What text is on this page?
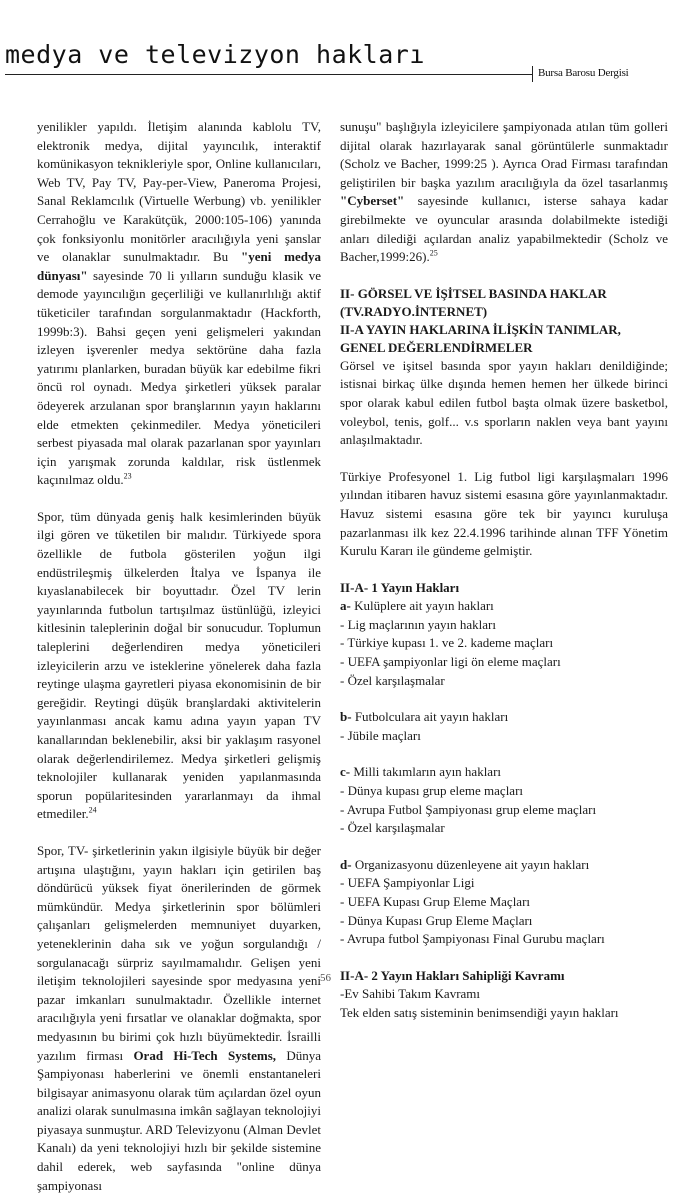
medya ve televizyon hakları
Bursa Barosu Dergisi

yenilikler yapıldı. İletişim alanında kablolu TV, elektronik medya, dijital yayıncılık, interaktif komünikasyon teknikleriyle spor, Online kullanıcıları, Web TV, Pay TV, Pay-per-View, Paneroma Projesi, Sanal Reklamcılık (Virtuelle Werbung) vb. yenilikler Cerrahoğlu ve Karakütçük, 2000:105-106) yanında çok fonksiyonlu monitörler aracılığıyla yeni şanslar ve olanaklar sunulmaktadır. Bu "yeni medya dünyası" sayesinde 70 li yılların sunduğu klasik ve demode yayıncılığın geçerliliği ve kullanırlılığı aktif tüketiciler tarafından sorgulanmaktadır (Hackforth, 1999b:3). Bahsi geçen yeni gelişmeleri yakından izleyen işverenler medya sektörüne daha fazla yatırımı planlarken, buradan büyük kar edebilme fikri öncü rol oynadı. Medya şirketleri yüksek paralar ödeyerek arzulanan spor branşlarının yayın haklarını elde etmekten çekinmediler. Medya yöneticileri serbest piyasada mal olarak pazarlanan spor yayınları için yarışmak zorunda kaldılar, risk üstlenmek kaçınılmaz oldu.$^{23}$

Spor, tüm dünyada geniş halk kesimlerinden büyük ilgi gören ve tüketilen bir malıdır. Türkiyede spora özellikle de futbola gösterilen yoğun ilgi endüstrileşmiş ülkelerden İtalya ve İspanya ile kıyaslanabilecek bir boyuttadır. Özel TV lerin yayınlarında futbolun tartışılmaz üstünlüğü, izleyici kitlesinin taleplerinin doğal bir sonucudur. Toplumun taleplerini değerlendiren medya yöneticileri izleyicilerin arzu ve isteklerine yönelerek daha fazla reytinge ulaşma gayretleri piyasa ekonomisinin de bir gereğidir. Reytingi düşük branşlardaki aktivitelerin yayınlanması ancak kamu adına yayın yapan TV kanallarından beklenebilir, aksi bir yaklaşım rasyonel olarak değerlendirilemez. Medya şirketleri gelişmiş teknolojiler kullanarak yeniden yapılanmasında sporun popülaritesinden yararlanmayı da ihmal etmediler.$^{24}$

Spor, TV- şirketlerinin yakın ilgisiyle büyük bir değer artışına ulaştığını, yayın hakları için getirilen baş döndürücü yüksek fiyat önerilerinden de görmek mümkündür. Medya şirketlerinin spor bölümleri çalışanları gelişmelerden memnuniyet duyarken, yeteneklerinin daha sık ve yoğun sorgulandığı / sorgulanacağı sürpriz sayılmamalıdır. Gelişen yeni iletişim teknolojileri sayesinde spor medyasına yeni pazar imkanları sunulmaktadır. Özellikle internet aracılığıyla yeni fırsatlar ve olanaklar doğmakta, spor medyasının bu birimi çok hızlı büyümektedir. İsrailli yazılım firması Orad Hi-Tech Systems, Dünya Şampiyonası haberlerini ve önemli enstantaneleri bilgisayar animasyonu olarak tüm açılardan özel oyun analizi olarak sunulmasına imkân sağlayan teknolojiyi piyasaya sunmuştur. ARD Televizyonu (Alman Devlet Kanalı) da yeni teknolojiyi hızlı bir şekilde sistemine dahil ederek, web sayfasında "online dünya şampiyonası

sunuşu" başlığıyla izleyicilere şampiyonada atılan tüm golleri dijital olarak hazırlayarak sanal görüntülerle sunmaktadır (Scholz ve Bacher, 1999:25 ). Ayrıca Orad Firması tarafından geliştirilen bir başka yazılım aracılığıyla da özel tasarlanmış "Cyberset" sayesinde kullanıcı, isterse sahaya kadar girebilmekte ve oyuncular arasında dolabilmekte istediği anları dilediği açılardan analiz yapabilmektedir (Scholz ve Bacher,1999:26).$^{25}$

II- GÖRSEL VE İŞİTSEL BASINDA HAKLAR
(TV.RADYO.İNTERNET)
II-A YAYIN HAKLARINA İLİŞKİN TANIMLAR,
GENEL DEĞERLENDİRMELER

Görsel ve işitsel basında spor yayın hakları denildiğinde; istisnai birkaç ülke dışında hemen hemen her ülkede birinci spor olarak kabul edilen futbol başta olmak üzere basketbol, voleybol, tenis, golf... v.s sporların naklen veya bant yayını anlaşılmaktadır.

Türkiye Profesyonel 1. Lig futbol ligi karşılaşmaları 1996 yılından itibaren havuz sistemi esasına göre yayınlanmaktadır. Havuz sistemi esasına göre tek bir yayıncı kuruluşa pazarlanması ilk kez 22.4.1996 tarihinde alınan TFF Yönetim Kurulu Kararı ile gündeme gelmiştir.

II-A- 1 Yayın Hakları
a- Kulüplere ait yayın hakları
- Lig maçlarının yayın hakları
- Türkiye kupası 1. ve 2. kademe maçları
- UEFA şampiyonlar ligi ön eleme maçları
- Özel karşılaşmalar
b- Futbolculara ait yayın hakları
- Jübile maçları
c- Milli takımların ayın hakları
- Dünya kupası grup eleme maçları
- Avrupa Futbol Şampiyonası grup eleme maçları
- Özel karşılaşmalar
d- Organizasyonu düzenleyene ait yayın hakları
- UEFA Şampiyonlar Ligi
- UEFA Kupası Grup Eleme Maçları
- Dünya Kupası Grup Eleme Maçları
- Avrupa futbol Şampiyonası Final Gurubu maçları
II-A- 2 Yayın Hakları Sahipliği Kavramı
-Ev Sahibi Takım Kavramı
Tek elden satış sisteminin benimsendiği yayın hakları
56
